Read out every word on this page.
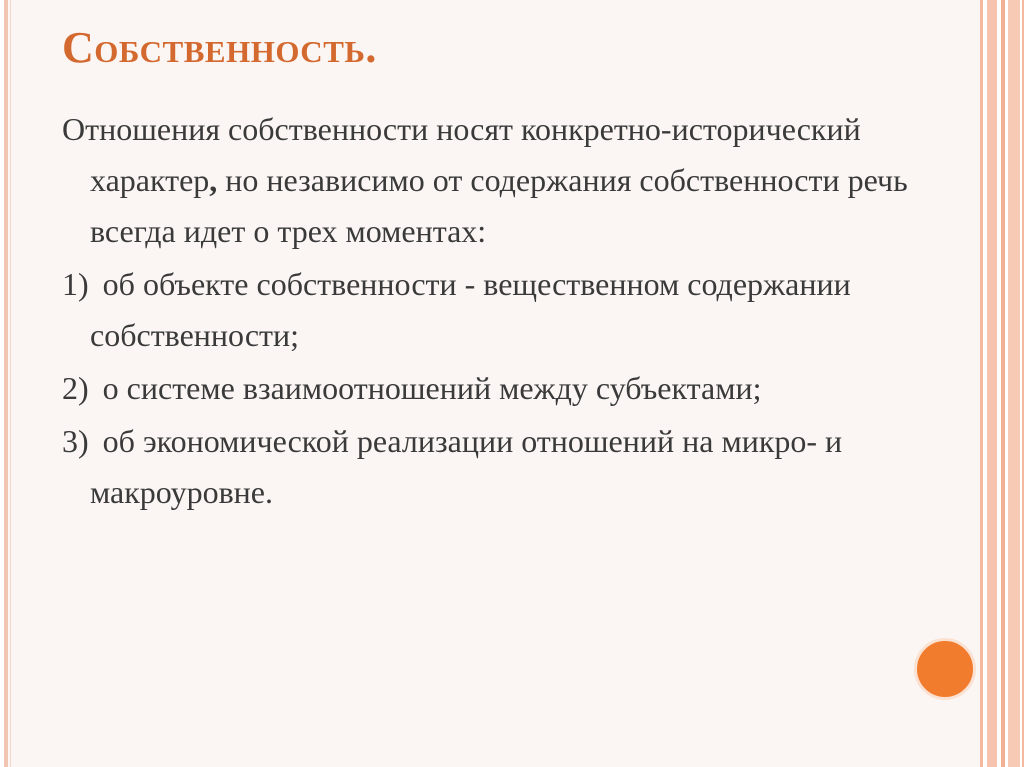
Собственность.

Отношения собственности носят конкретно-исторический характер, но независимо от содержания собственности речь всегда идет о трех моментах:

1) об объекте собственности - вещественном содержании собственности;

2) о системе взаимоотношений между субъектами;

3) об экономической реализации отношений на микро- и макроуровне.
